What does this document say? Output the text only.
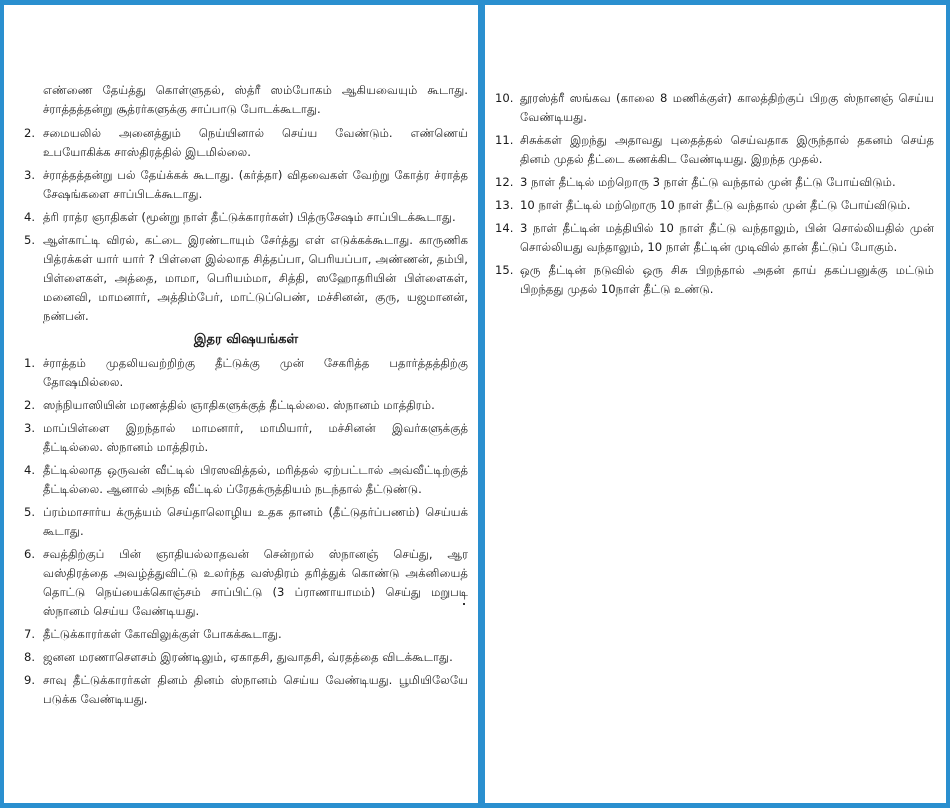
எண்ணை தேய்த்து கொள்ளுதல், ஸ்த்ரீ ஸம்போகம் ஆகியவையும் கூடாது. ச்ராத்தத்தன்று சூத்ரர்களுக்கு சாப்பாடு போடக்கூடாது.
2. சமையலில் அனைத்தும் நெய்யினால் செய்ய வேண்டும். எண்ணெய் உபயோகிக்க சாஸ்திரத்தில் இடமில்லை.
3. ச்ராத்தத்தன்று பல் தேய்க்கக் கூடாது. (கர்த்தா) விதவைகள் வேற்று கோத்ர ச்ராத்த சேஷங்களை சாப்பிடக்கூடாது.
4. த்ரி ராத்ர ஞாதிகள் (மூன்று நாள் தீட்டுக்காரர்கள்) பித்ருசேஷம் சாப்பிடக்கூடாது.
5. ஆள்காட்டி விரல், கட்டை இரண்டாயும் சேர்த்து எள் எடுக்கக்கூடாது. காருணிக பித்ரக்கள் யார் யார் ? பிள்ளை இல்லாத சித்தப்பா, பெரியப்பா, அண்ணன், தம்பி, பிள்ளைகள், அத்தை, மாமா, பெரியம்மா, சித்தி, ஸஹோதரியின் பிள்ளைகள், மனைவி, மாமனார், அத்திம்பேர், மாட்டுப்பெண், மச்சினன், குரு, யஜமானன், நண்பன்.
இதர விஷயங்கள்
1. ச்ராத்தம் முதலியவற்றிற்கு தீட்டுக்கு முன் சேகரித்த பதார்த்தத்திற்கு தோஷமில்லை.
2. ஸந்நியாஸியின் மரணத்தில் ஞாதிகளுக்குத் தீட்டில்லை. ஸ்நானம் மாத்திரம்.
3. மாப்பிள்ளை இறந்தால் மாமனார், மாமியார், மச்சினன் இவர்களுக்குத் தீட்டில்லை. ஸ்நானம் மாத்திரம்.
4. தீட்டில்லாத ஒருவன் வீட்டில் பிரஸவித்தல், மரித்தல் ஏற்பட்டால் அவ்வீட்டிற்குத் தீட்டில்லை. ஆனால் அந்த வீட்டில் ப்ரேதக்ருத்தியம் நடந்தால் தீட்டுண்டு.
5. ப்ரம்மாசார்ய க்ருத்யம் செய்தாலொழிய உதக தானம் (தீட்டுதர்ப்பணம்) செய்யக் கூடாது.
6. சவத்திற்குப் பின் ஞாதியல்லாதவன் சென்றால் ஸ்நானஞ் செய்து, ஆர வஸ்திரத்தை அவழ்த்துவிட்டு உலர்ந்த வஸ்திரம் தரித்துக் கொண்டு அக்னியைத் தொட்டு நெய்யைக்கொஞ்சம் சாப்பிட்டு (3 ப்ராணாயாமம்) செய்து மறுபடி ஸ்நானம் செய்ய வேண்டியது.
7. தீட்டுக்காரர்கள் கோவிலுக்குள் போகக்கூடாது.
8. ஜனன மரணாசௌசம் இரண்டிலும், ஏகாதசி, துவாதசி, வ்ரதத்தை விடக்கூடாது.
9. சாவு தீட்டுக்காரர்கள் தினம் தினம் ஸ்நானம் செய்ய வேண்டியது. பூமியிலேயே படுக்க வேண்டியது.
10. தூரஸ்த்ரீ ஸங்கவ (காலை 8 மணிக்குள்) காலத்திற்குப் பிறகு ஸ்நானஞ் செய்ய வேண்டியது.
11. சிசுக்கள் இறந்து அதாவது புதைத்தல் செய்வதாக இருந்தால் தகனம் செய்த தினம் முதல் தீட்டை கணக்கிட வேண்டியது. இறந்த முதல்.
12. 3 நாள் தீட்டில் மற்றொரு 3 நாள் தீட்டு வந்தால் முன் தீட்டு போய்விடும்.
13. 10 நாள் தீட்டில் மற்றொரு 10 நாள் தீட்டு வந்தால் முன் தீட்டு போய்விடும்.
14. 3 நாள் தீட்டின் மத்தியில் 10 நாள் தீட்டு வந்தாலும், பின் சொல்லியதில் முன் சொல்லியது வந்தாலும், 10 நாள் தீட்டின் முடிவில் தான் தீட்டுப் போகும்.
15. ஒரு தீட்டின் நடுவில் ஒரு சிசு பிறந்தால் அதன் தாய் தகப்பனுக்கு மட்டும் பிறந்தது முதல் 10நாள் தீட்டு உண்டு.
